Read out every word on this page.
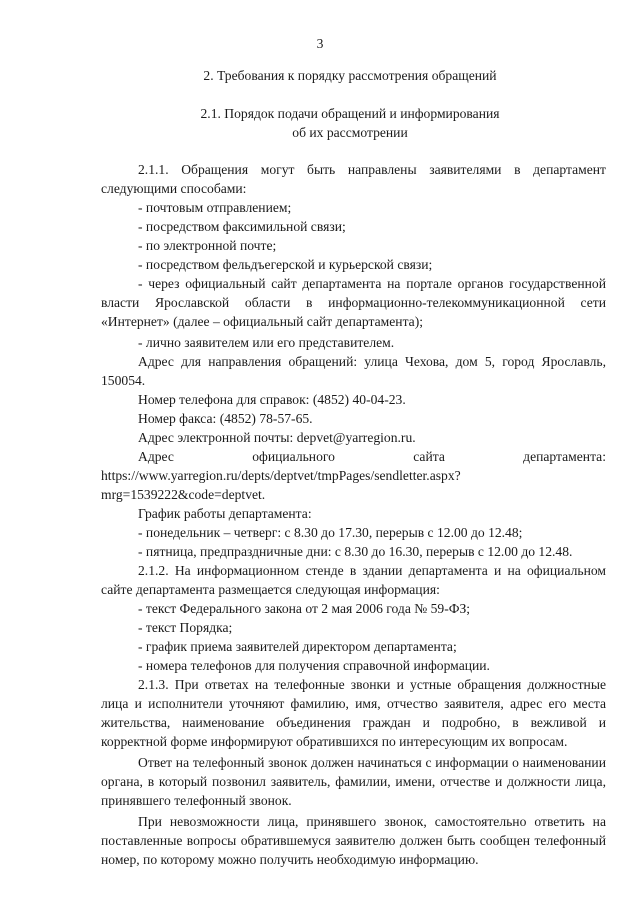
3
2. Требования к порядку рассмотрения обращений
2.1. Порядок подачи обращений и информирования
об их рассмотрении

2.1.1. Обращения могут быть направлены заявителями в департамент следующими способами:

- почтовым отправлением;

- посредством факсимильной связи;

- по электронной почте;

- посредством фельдъегерской и курьерской связи;

- через официальный сайт департамента на портале органов государственной власти Ярославской области в информационно-телекоммуникационной сети «Интернет» (далее – официальный сайт департамента);

- лично заявителем или его представителем.

Адрес для направления обращений: улица Чехова, дом 5, город Ярославль, 150054.

Номер телефона для справок: (4852) 40-04-23.

Номер факса: (4852) 78-57-65.

Адрес электронной почты: depvet@yarregion.ru.

Адрес официального сайта департамента: https://www.yarregion.ru/depts/deptvet/tmpPages/sendletter.aspx?mrg=1539222&code=deptvet.

График работы департамента:

- понедельник – четверг: с 8.30 до 17.30, перерыв с 12.00 до 12.48;

- пятница, предпраздничные дни: с 8.30 до 16.30, перерыв с 12.00 до 12.48.

2.1.2. На информационном стенде в здании департамента и на официальном сайте департамента размещается следующая информация:

- текст Федерального закона от 2 мая 2006 года № 59-ФЗ;

- текст Порядка;

- график приема заявителей директором департамента;

- номера телефонов для получения справочной информации.

2.1.3. При ответах на телефонные звонки и устные обращения должностные лица и исполнители уточняют фамилию, имя, отчество заявителя, адрес его места жительства, наименование объединения граждан и подробно, в вежливой и корректной форме информируют обратившихся по интересующим их вопросам.

Ответ на телефонный звонок должен начинаться с информации о наименовании органа, в который позвонил заявитель, фамилии, имени, отчестве и должности лица, принявшего телефонный звонок.

При невозможности лица, принявшего звонок, самостоятельно ответить на поставленные вопросы обратившемуся заявителю должен быть сообщен телефонный номер, по которому можно получить необходимую информацию.
